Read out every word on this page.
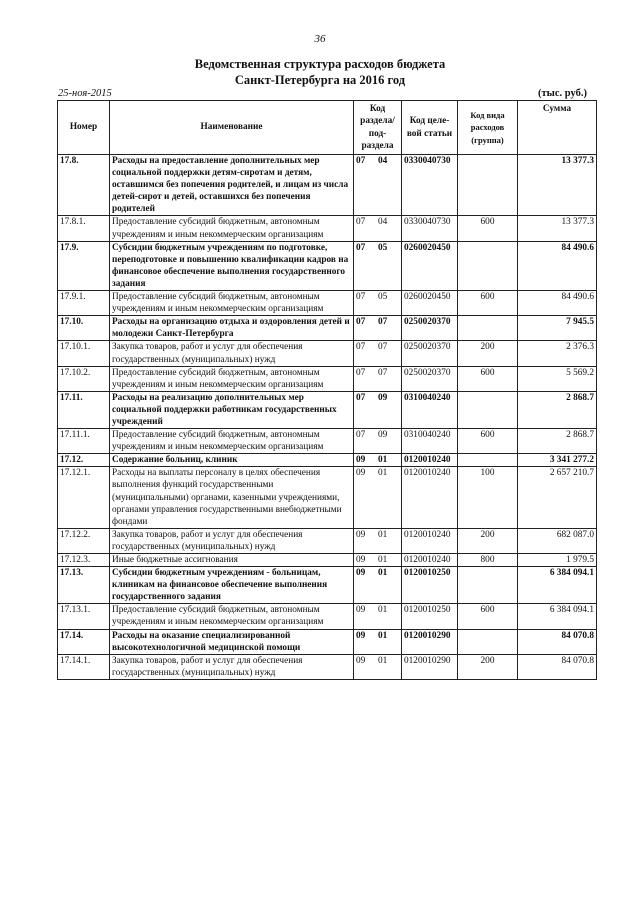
36
Ведомственная структура расходов бюджета
Санкт-Петербурга на 2016 год
25-ноя-2015	(тыс. руб.)
Номер	Наименование	Код раздела/ под-раздела	Код целе-вой статьи	Код вида расходов (группа)	Сумма
17.8.	Расходы на предоставление дополнительных мер социальной поддержки детям-сиротам и детям, оставшимся без попечения родителей, и лицам из числа детей-сирот и детей, оставшихся без попечения родителей	07 04	0330040730		13 377.3
17.8.1.	Предоставление субсидий бюджетным, автономным учреждениям и иным некоммерческим организациям	07 04	0330040730	600	13 377.3
17.9.	Субсидии бюджетным учреждениям по подготовке, переподготовке и повышению квалификации кадров на финансовое обеспечение выполнения государственного задания	07 05	0260020450		84 490.6
17.9.1.	Предоставление субсидий бюджетным, автономным учреждениям и иным некоммерческим организациям	07 05	0260020450	600	84 490.6
17.10.	Расходы на организацию отдыха и оздоровления детей и молодежи Санкт-Петербурга	07 07	0250020370		7 945.5
17.10.1.	Закупка товаров, работ и услуг для обеспечения государственных (муниципальных) нужд	07 07	0250020370	200	2 376.3
17.10.2.	Предоставление субсидий бюджетным, автономным учреждениям и иным некоммерческим организациям	07 07	0250020370	600	5 569.2
17.11.	Расходы на реализацию дополнительных мер социальной поддержки работникам государственных учреждений	07 09	0310040240		2 868.7
17.11.1.	Предоставление субсидий бюджетным, автономным учреждениям и иным некоммерческим организациям	07 09	0310040240	600	2 868.7
17.12.	Содержание больниц, клиник	09 01	0120010240		3 341 277.2
17.12.1.	Расходы на выплаты персоналу в целях обеспечения выполнения функций государственными (муниципальными) органами, казенными учреждениями, органами управления государственными внебюджетными фондами	09 01	0120010240	100	2 657 210.7
17.12.2.	Закупка товаров, работ и услуг для обеспечения государственных (муниципальных) нужд	09 01	0120010240	200	682 087.0
17.12.3.	Иные бюджетные ассигнования	09 01	0120010240	800	1 979.5
17.13.	Субсидии бюджетным учреждениям - больницам, клиникам на финансовое обеспечение выполнения государственного задания	09 01	0120010250		6 384 094.1
17.13.1.	Предоставление субсидий бюджетным, автономным учреждениям и иным некоммерческим организациям	09 01	0120010250	600	6 384 094.1
17.14.	Расходы на оказание специализированной высокотехнологичной медицинской помощи	09 01	0120010290		84 070.8
17.14.1.	Закупка товаров, работ и услуг для обеспечения государственных (муниципальных) нужд	09 01	0120010290	200	84 070.8
